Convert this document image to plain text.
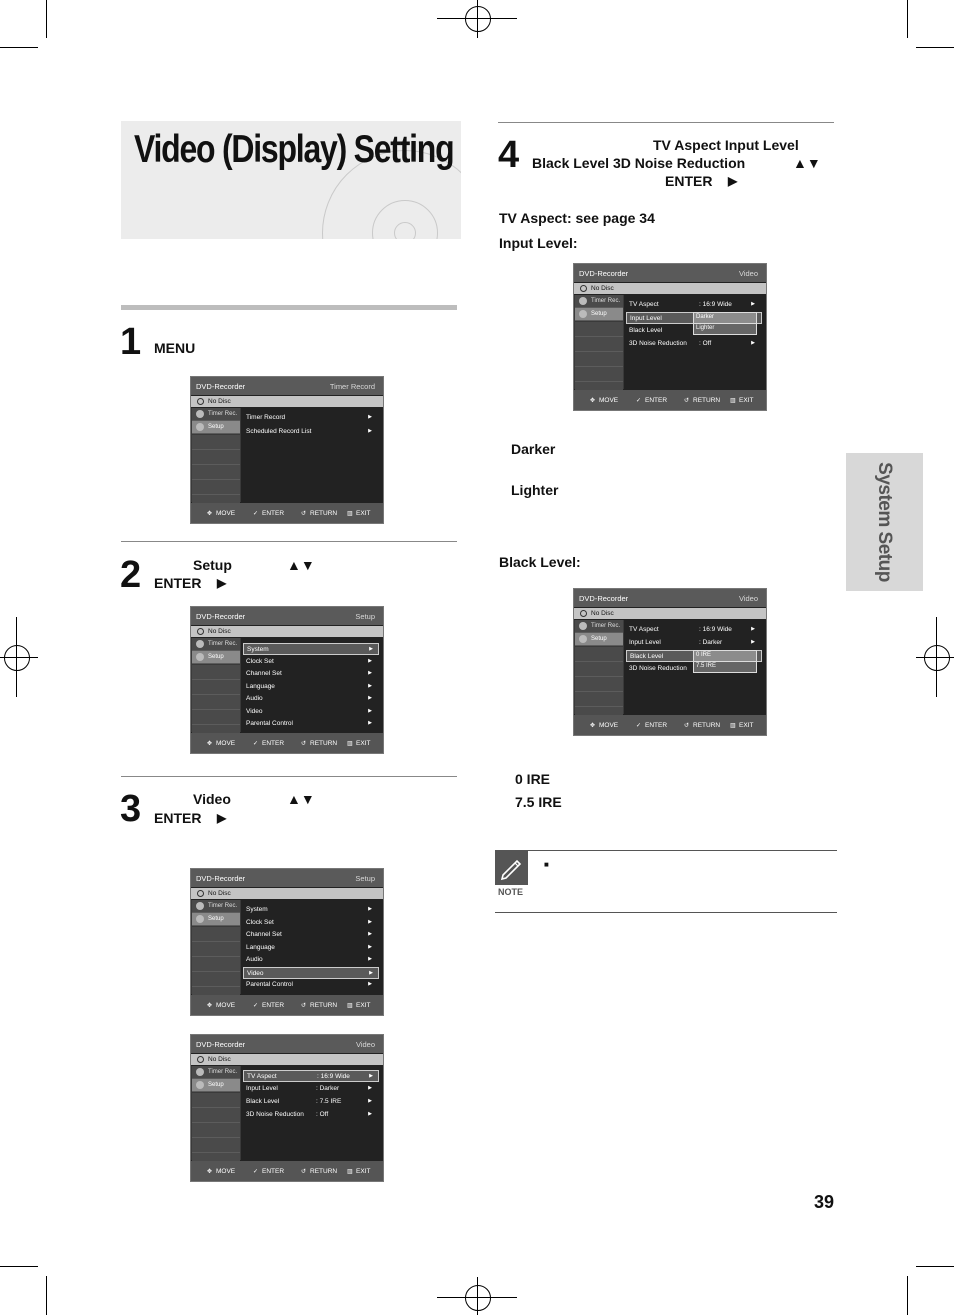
Video (Display) Setting
1 MENU
2	Setup	▲▼
ENTER ▶
3	Video	▲▼
ENTER ▶
4	TV Aspect Input Level
Black Level 3D Noise Reduction	▲▼
ENTER ▶
TV Aspect: see page 34
Input Level:
Darker
Lighter
Black Level:
0 IRE
7.5 IRE
NOTE
■
System Setup
39
DVD-Recorder	Timer Record
No Disc
Timer Rec.
Setup
Timer Record	▶
Scheduled Record List	▶
✥ MOVE	✓ ENTER	↺ RETURN ▥ EXIT
DVD-Recorder	Setup
No Disc
Timer Rec.
Setup
System	▶
Clock Set	▶
Channel Set	▶
Language	▶
Audio	▶
Video	▶
Parental Control	▶
✥ MOVE	✓ ENTER	↺ RETURN ▥ EXIT
DVD-Recorder	Setup
No Disc
Timer Rec.
Setup
System	▶
Clock Set	▶
Channel Set	▶
Language	▶
Audio	▶
Video	▶
Parental Control	▶
✥ MOVE	✓ ENTER	↺ RETURN ▥ EXIT
DVD-Recorder	Video
No Disc
Timer Rec.
Setup
TV Aspect	: 16:9 Wide	▶
Input Level	: Darker	▶
Black Level	: 7.5 IRE	▶
3D Noise Reduction : Off	▶
✥ MOVE	✓ ENTER	↺ RETURN ▥ EXIT
DVD-Recorder	Video
No Disc
Timer Rec.
Setup
TV Aspect	: 16:9 Wide	▶
Input Level
Black Level
3D Noise Reduction : Off	▶
Darker
Lighter
✥ MOVE	✓ ENTER	↺ RETURN ▥ EXIT
DVD-Recorder	Video
No Disc
Timer Rec.
Setup
TV Aspect	: 16:9 Wide	▶
Input Level	: Darker	▶
Black Level
3D Noise Reduction
0 IRE
7.5 IRE
✥ MOVE	✓ ENTER	↺ RETURN ▥ EXIT
